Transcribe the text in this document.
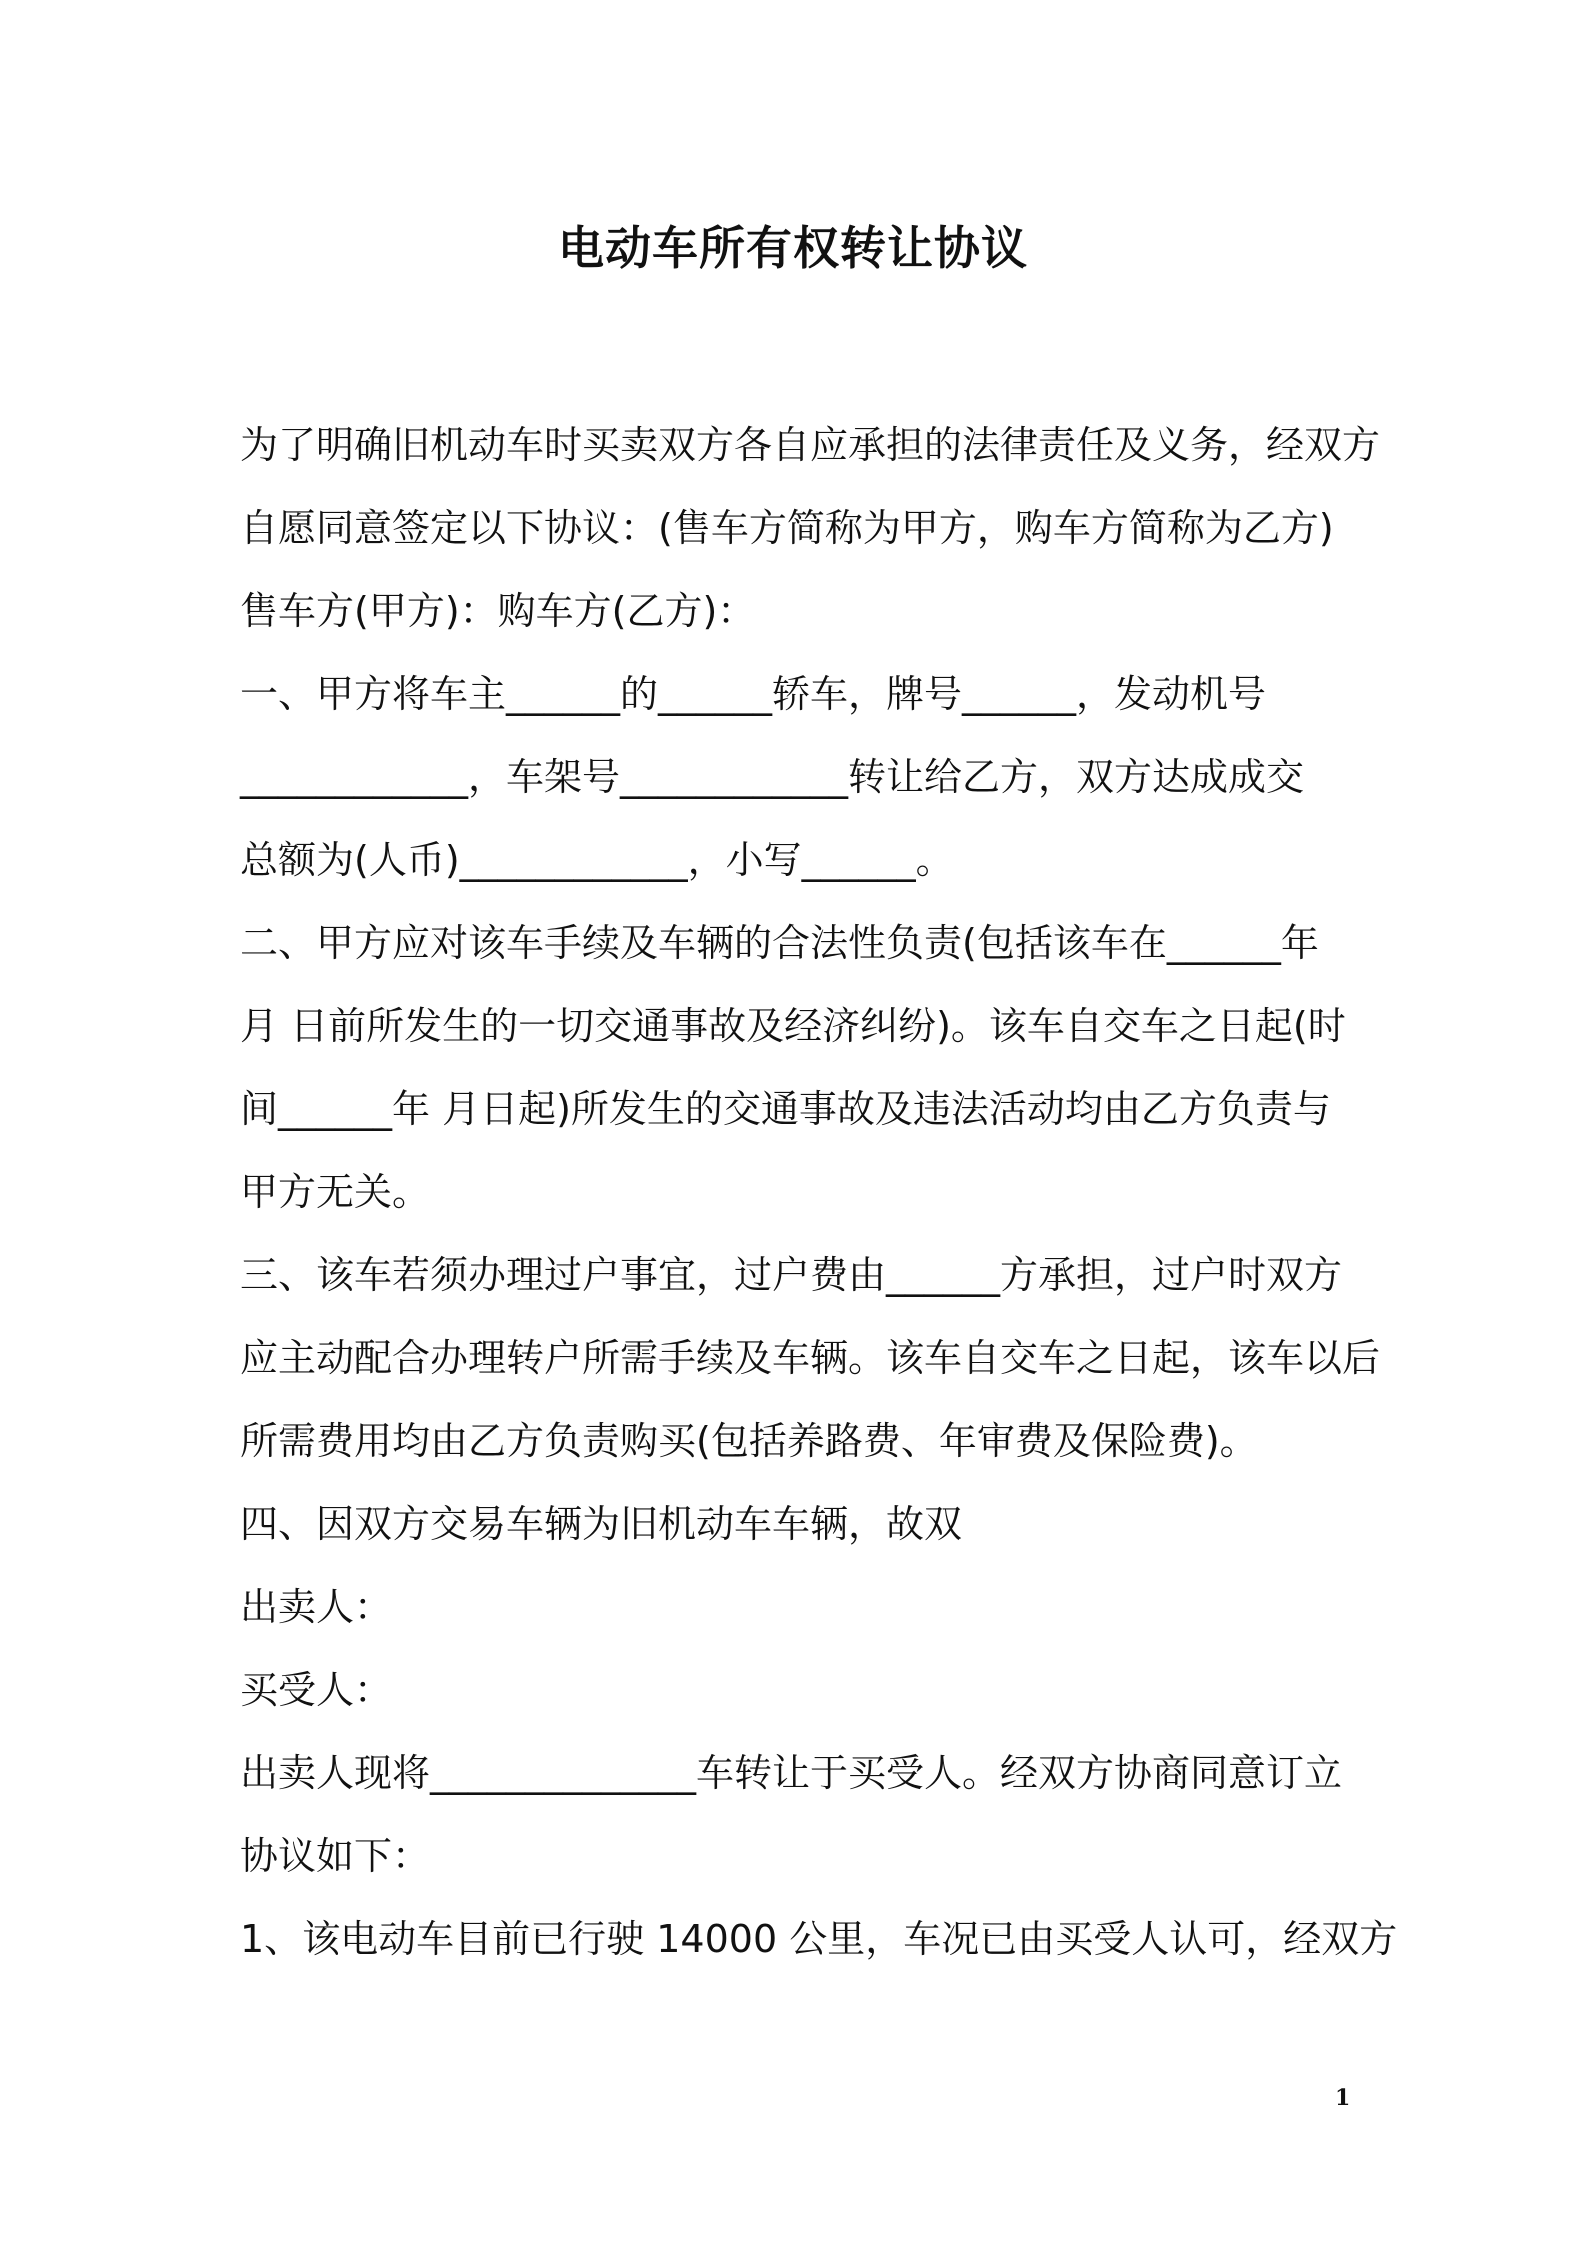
电动车所有权转让协议

为了明确旧机动车时买卖双方各自应承担的法律责任及义务，经双方

自愿同意签定以下协议：(售车方简称为甲方，购车方简称为乙方)

售车方(甲方)：购车方(乙方)：

一、甲方将车主______的______轿车，牌号______，发动机号

____________，车架号____________转让给乙方，双方达成成交

总额为(人币)____________，小写______。

二、甲方应对该车手续及车辆的合法性负责(包括该车在______年

月 日前所发生的一切交通事故及经济纠纷)。该车自交车之日起(时

间______年 月日起)所发生的交通事故及违法活动均由乙方负责与

甲方无关。

三、该车若须办理过户事宜，过户费由______方承担，过户时双方

应主动配合办理转户所需手续及车辆。该车自交车之日起，该车以后

所需费用均由乙方负责购买(包括养路费、年审费及保险费)。

四、因双方交易车辆为旧机动车车辆，故双

出卖人：

买受人：

出卖人现将______________车转让于买受人。经双方协商同意订立

协议如下：

1、该电动车目前已行驶 14000 公里，车况已由买受人认可，经双方

1
